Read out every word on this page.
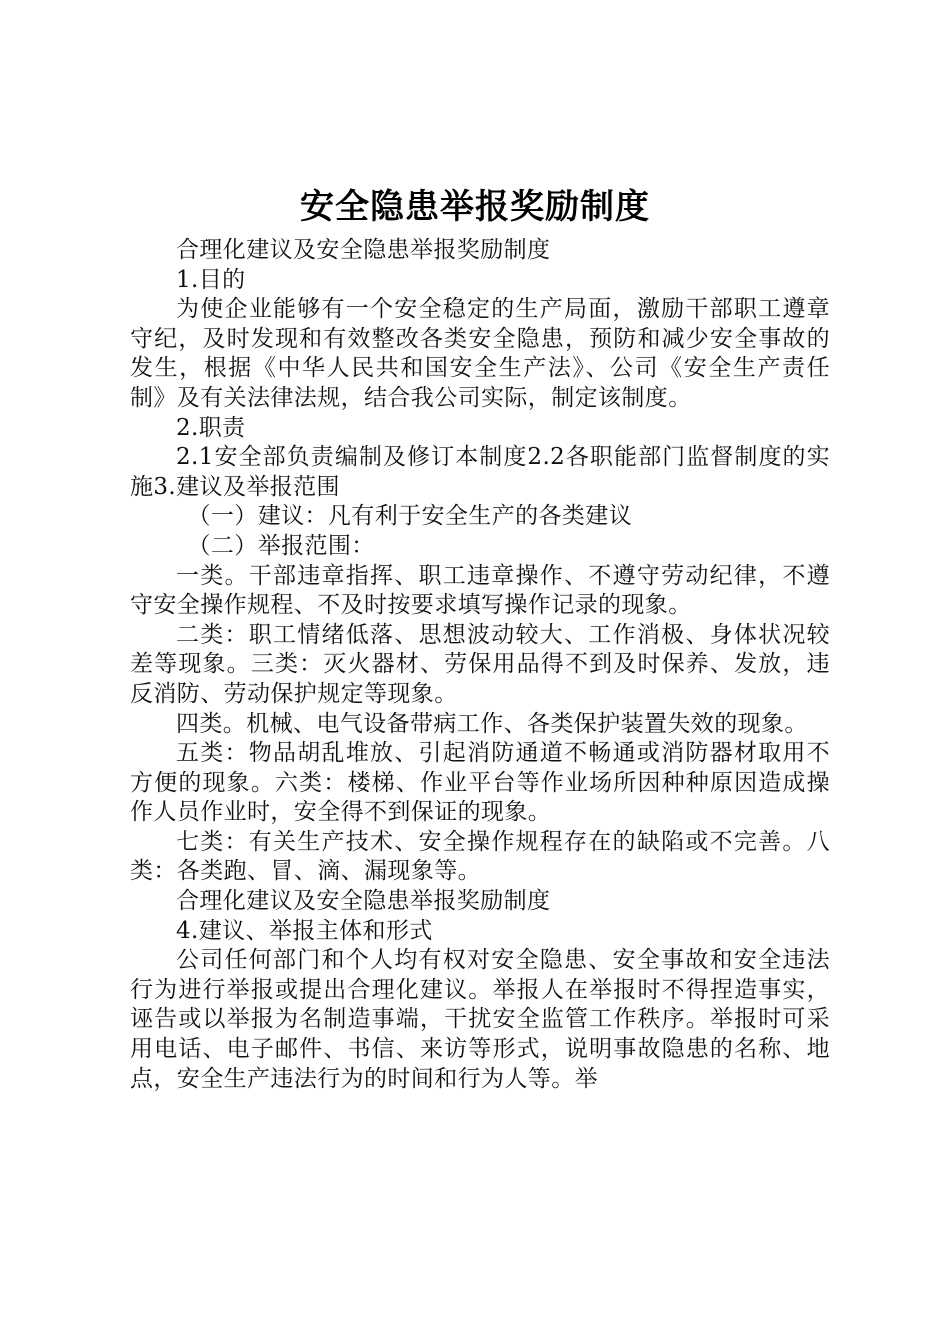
安全隐患举报奖励制度

合理化建议及安全隐患举报奖励制度

1.目的

为使企业能够有一个安全稳定的生产局面，激励干部职工遵章守纪，及时发现和有效整改各类安全隐患，预防和减少安全事故的发生，根据《中华人民共和国安全生产法》、公司《安全生产责任制》及有关法律法规，结合我公司实际，制定该制度。

2.职责

2.1安全部负责编制及修订本制度2.2各职能部门监督制度的实施3.建议及举报范围

（一）建议：凡有利于安全生产的各类建议

（二）举报范围：

一类。干部违章指挥、职工违章操作、不遵守劳动纪律，不遵守安全操作规程、不及时按要求填写操作记录的现象。

二类：职工情绪低落、思想波动较大、工作消极、身体状况较差等现象。三类：灭火器材、劳保用品得不到及时保养、发放，违反消防、劳动保护规定等现象。

四类。机械、电气设备带病工作、各类保护装置失效的现象。

五类：物品胡乱堆放、引起消防通道不畅通或消防器材取用不方便的现象。六类：楼梯、作业平台等作业场所因种种原因造成操作人员作业时，安全得不到保证的现象。

七类：有关生产技术、安全操作规程存在的缺陷或不完善。八类：各类跑、冒、滴、漏现象等。

合理化建议及安全隐患举报奖励制度

4.建议、举报主体和形式

公司任何部门和个人均有权对安全隐患、安全事故和安全违法行为进行举报或提出合理化建议。举报人在举报时不得捏造事实，诬告或以举报为名制造事端，干扰安全监管工作秩序。举报时可采用电话、电子邮件、书信、来访等形式，说明事故隐患的名称、地点，安全生产违法行为的时间和行为人等。举
